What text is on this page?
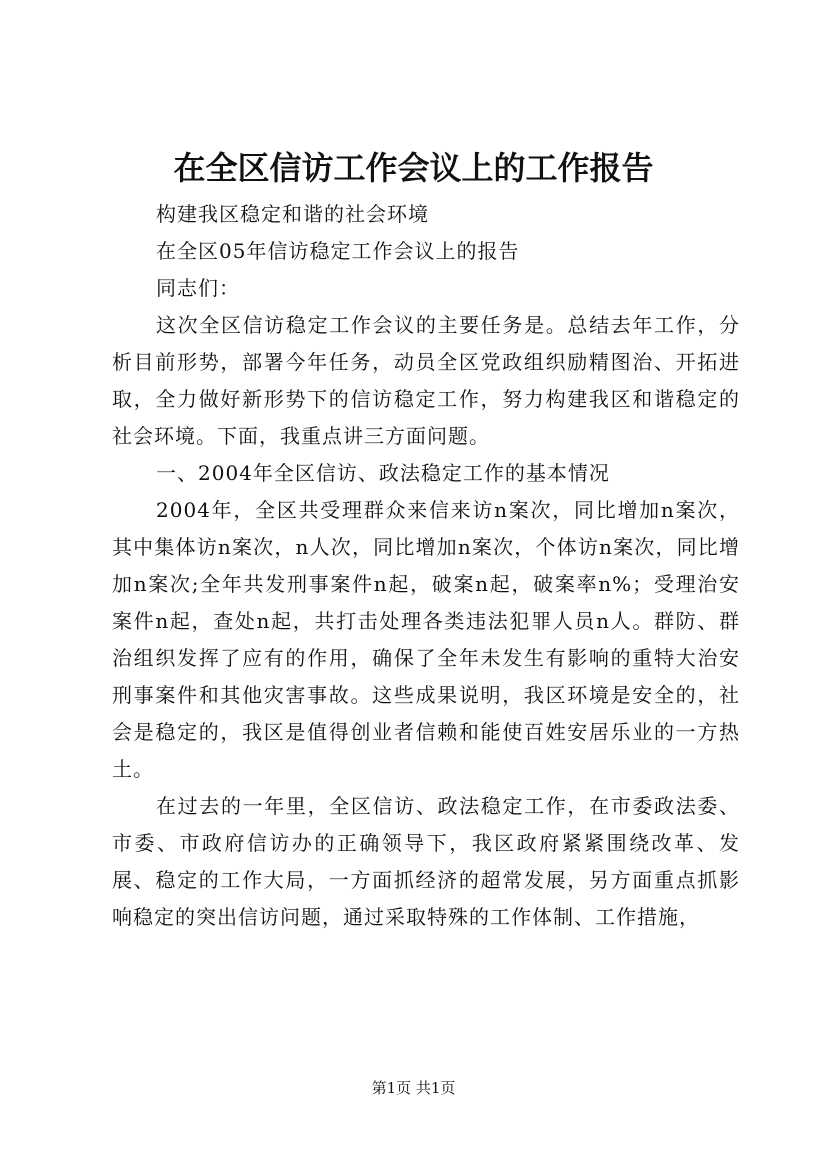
在全区信访工作会议上的工作报告

构建我区稳定和谐的社会环境

在全区05年信访稳定工作会议上的报告

同志们：

这次全区信访稳定工作会议的主要任务是。总结去年工作，分析目前形势，部署今年任务，动员全区党政组织励精图治、开拓进取，全力做好新形势下的信访稳定工作，努力构建我区和谐稳定的社会环境。下面，我重点讲三方面问题。

一、2004年全区信访、政法稳定工作的基本情况

2004年，全区共受理群众来信来访n案次，同比增加n案次，其中集体访n案次，n人次，同比增加n案次，个体访n案次，同比增加n案次;全年共发刑事案件n起，破案n起，破案率n%；受理治安案件n起，查处n起，共打击处理各类违法犯罪人员n人。群防、群治组织发挥了应有的作用，确保了全年未发生有影响的重特大治安刑事案件和其他灾害事故。这些成果说明，我区环境是安全的，社会是稳定的，我区是值得创业者信赖和能使百姓安居乐业的一方热土。

在过去的一年里，全区信访、政法稳定工作，在市委政法委、市委、市政府信访办的正确领导下，我区政府紧紧围绕改革、发展、稳定的工作大局，一方面抓经济的超常发展，另方面重点抓影响稳定的突出信访问题，通过采取特殊的工作体制、工作措施，

第1页 共1页
